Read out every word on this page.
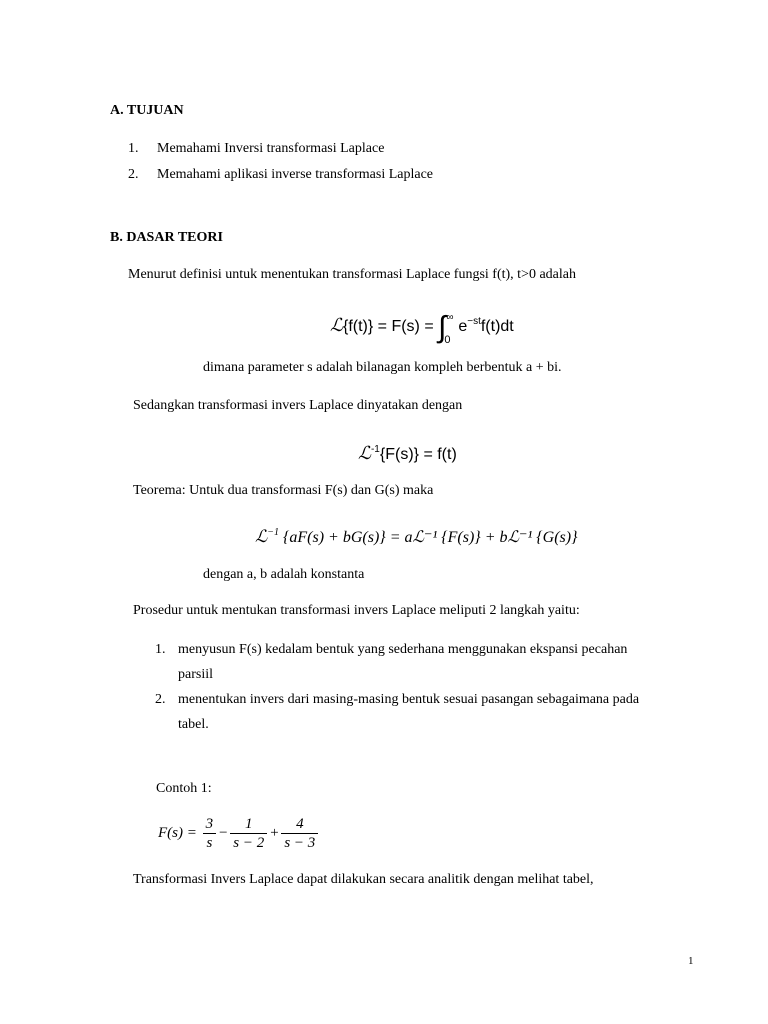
A. TUJUAN
1. Memahami Inversi transformasi Laplace
2. Memahami aplikasi inverse transformasi Laplace
B. DASAR TEORI
Menurut definisi untuk menentukan transformasi Laplace fungsi f(t), t>0 adalah
ℒ{f(t)} = F(s) = ∫ ∞
0
$e^{-st}f(t)dt$
dimana parameter s adalah bilanagan kompleh berbentuk a + bi.
Sedangkan transformasi invers Laplace dinyatakan dengan
ℒ$^{-1}${F(s)} = f(t)
Teorema: Untuk dua transformasi F(s) dan G(s) maka
ℒ$^{-1}$ {aF(s) + bG(s)} = aℒ⁻¹ {F(s)} + bℒ⁻¹ {G(s)}
dengan a, b adalah konstanta
Prosedur untuk mentukan transformasi invers Laplace meliputi 2 langkah yaitu:
1. menyusun F(s) kedalam bentuk yang sederhana menggunakan ekspansi pecahan
parsiil
2. menentukan invers dari masing-masing bentuk sesuai pasangan sebagaimana pada
tabel.
Contoh 1:
$F(s) = \frac{3}{s} - \frac{1}{s - 2} + \frac{4}{s - 3}$
Transformasi Invers Laplace dapat dilakukan secara analitik dengan melihat tabel,
1
